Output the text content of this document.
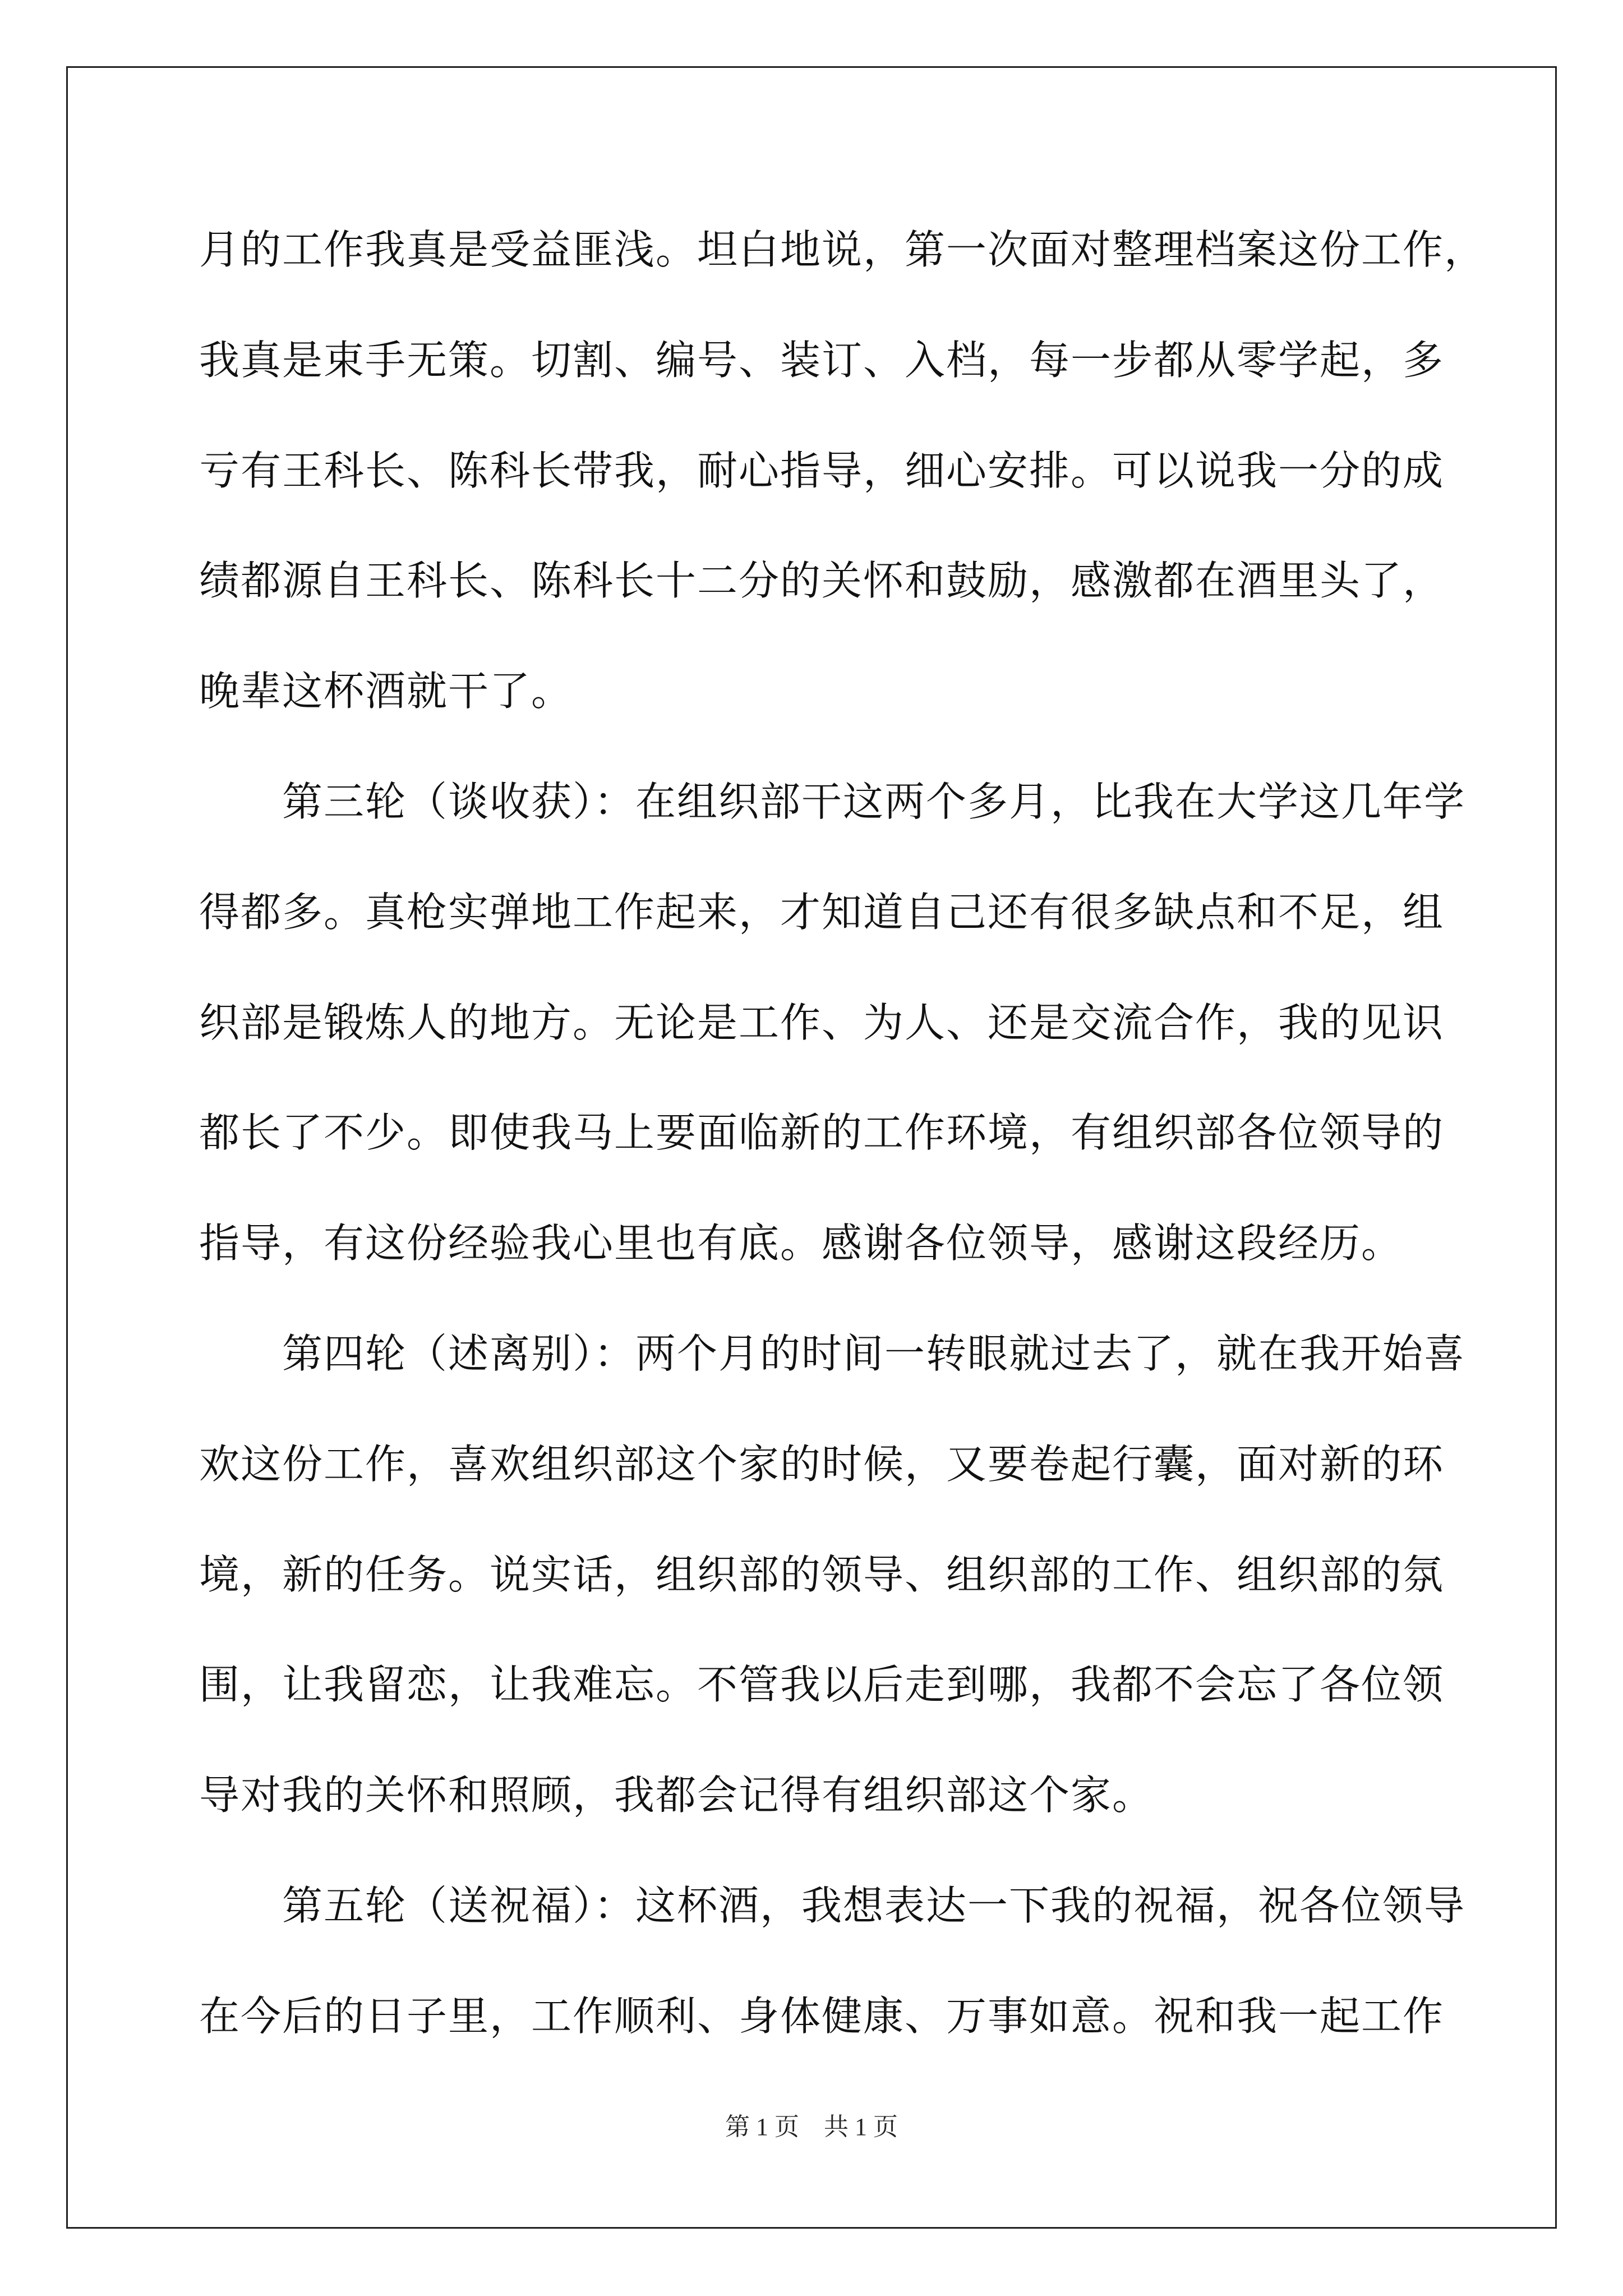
月的工作我真是受益匪浅。坦白地说，第一次面对整理档案这份工作，
我真是束手无策。切割、编号、装订、入档，每一步都从零学起，多
亏有王科长、陈科长带我，耐心指导，细心安排。可以说我一分的成
绩都源自王科长、陈科长十二分的关怀和鼓励，感激都在酒里头了，
晚辈这杯酒就干了。
　　第三轮（谈收获）：在组织部干这两个多月，比我在大学这几年学
得都多。真枪实弹地工作起来，才知道自己还有很多缺点和不足，组
织部是锻炼人的地方。无论是工作、为人、还是交流合作，我的见识
都长了不少。即使我马上要面临新的工作环境，有组织部各位领导的
指导，有这份经验我心里也有底。感谢各位领导，感谢这段经历。
　　第四轮（述离别）：两个月的时间一转眼就过去了，就在我开始喜
欢这份工作，喜欢组织部这个家的时候，又要卷起行囊，面对新的环
境，新的任务。说实话，组织部的领导、组织部的工作、组织部的氛
围，让我留恋，让我难忘。不管我以后走到哪，我都不会忘了各位领
导对我的关怀和照顾，我都会记得有组织部这个家。
　　第五轮（送祝福）：这杯酒，我想表达一下我的祝福，祝各位领导
在今后的日子里，工作顺利、身体健康、万事如意。祝和我一起工作
第 1 页　共 1 页
